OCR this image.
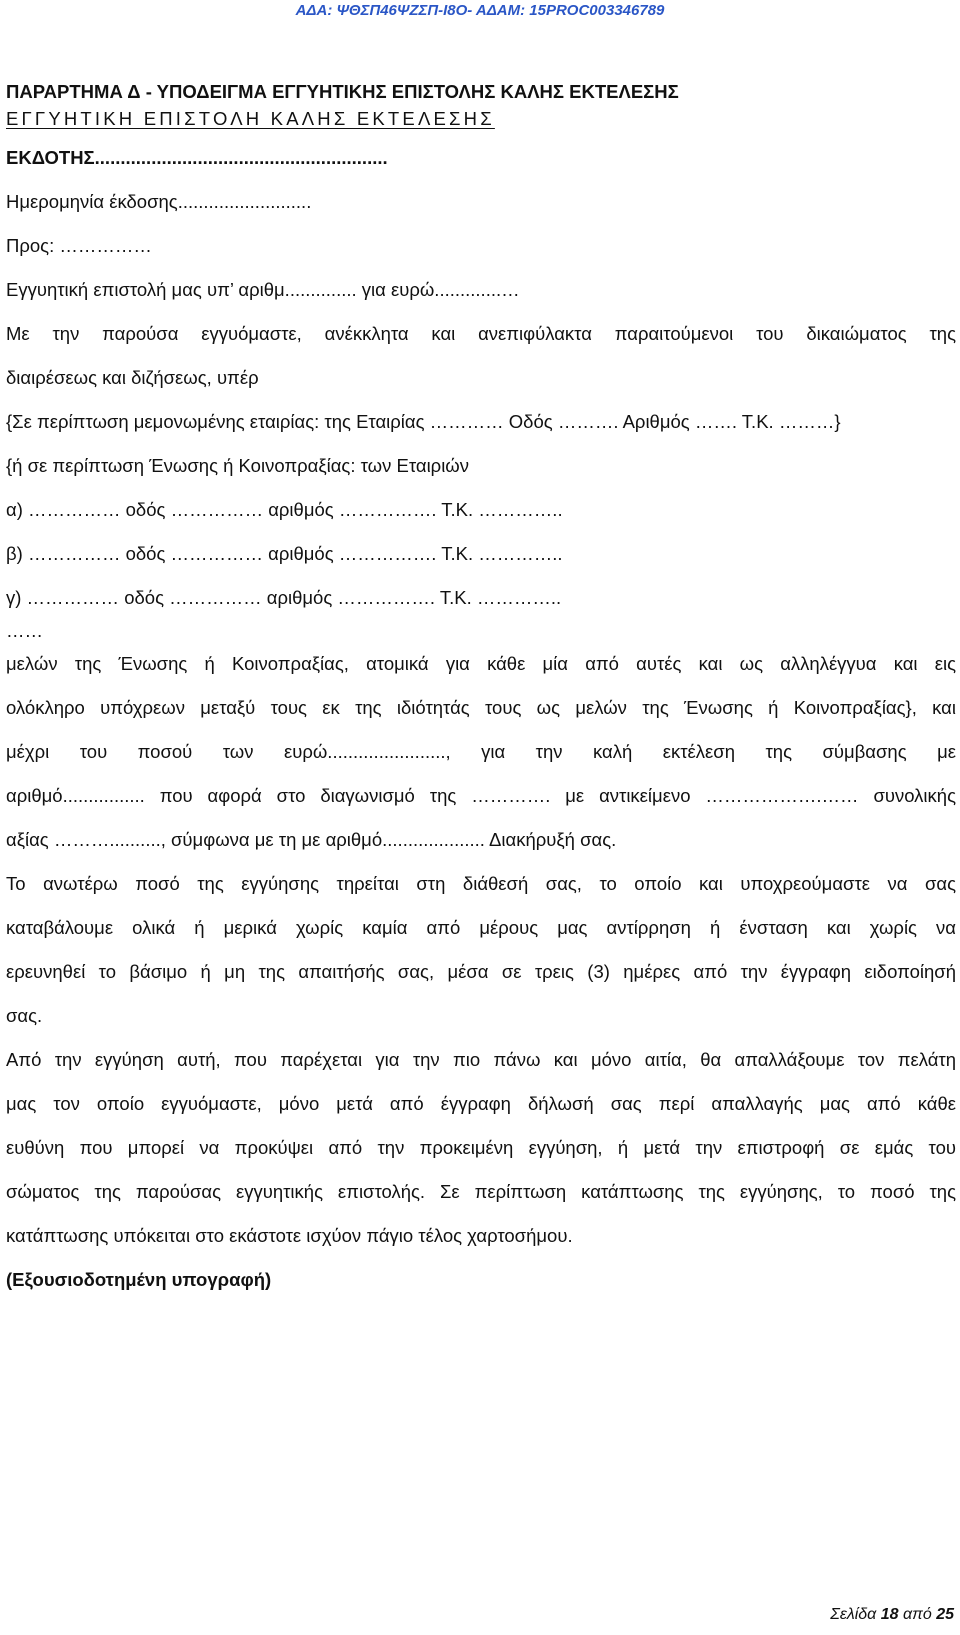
ΑΔΑ: ΨΘΣΠ46ΨΖΣΠ-Ι8Ο- ΑΔΑΜ: 15PROC003346789
ΠΑΡΑΡΤΗΜΑ Δ - ΥΠΟΔΕΙΓΜΑ ΕΓΓΥΗΤΙΚΗΣ ΕΠΙΣΤΟΛΗΣ ΚΑΛΗΣ ΕΚΤΕΛΕΣΗΣ
ΕΓΓΥΗΤΙΚΗ ΕΠΙΣΤΟΛΗ ΚΑΛΗΣ ΕΚΤΕΛΕΣΗΣ
ΕΚΔΟΤΗΣ.........................................................
Ημερομηνία έκδοσης..........................
Προς: ……………
Εγγυητική επιστολή μας υπ’ αριθμ.............. για ευρώ.............…
Με την παρούσα εγγυόμαστε, ανέκκλητα και ανεπιφύλακτα παραιτούμενοι του δικαιώματος της
διαιρέσεως και διζήσεως, υπέρ
{Σε περίπτωση μεμονωμένης εταιρίας: της Εταιρίας ………… Οδός ………. Αριθμός ……. Τ.Κ. ………}
{ή σε περίπτωση Ένωσης ή Κοινοπραξίας: των Εταιριών
α) …………… οδός …………… αριθμός ……………. Τ.Κ. …………..
β) …………… οδός …………… αριθμός ……………. Τ.Κ. …………..
γ) …………… οδός …………… αριθμός ……………. Τ.Κ. …………..
……
μελών της Ένωσης ή Κοινοπραξίας, ατομικά για κάθε μία από αυτές και ως αλληλέγγυα και εις
ολόκληρο υπόχρεων μεταξύ τους εκ της ιδιότητάς τους ως μελών της Ένωσης ή Κοινοπραξίας}, και
μέχρι του ποσού των ευρώ......................., για την καλή εκτέλεση της σύμβασης με
αριθμό................ που αφορά στο διαγωνισμό της …………. με αντικείμενο ……………….…… συνολικής
αξίας ……….........., σύμφωνα με τη με αριθμό.................... Διακήρυξή σας.
Το ανωτέρω ποσό της εγγύησης τηρείται στη διάθεσή σας, το οποίο και υποχρεούμαστε να σας
καταβάλουμε ολικά ή μερικά χωρίς καμία από μέρους μας αντίρρηση ή ένσταση και χωρίς να
ερευνηθεί το βάσιμο ή μη της απαιτήσής σας, μέσα σε τρεις (3) ημέρες από την έγγραφη ειδοποίησή
σας.
Από την εγγύηση αυτή, που παρέχεται για την πιο πάνω και μόνο αιτία, θα απαλλάξουμε τον πελάτη
μας τον οποίο εγγυόμαστε, μόνο μετά από έγγραφη δήλωσή σας περί απαλλαγής μας από κάθε
ευθύνη που μπορεί να προκύψει από την προκειμένη εγγύηση, ή μετά την επιστροφή σε εμάς του
σώματος της παρούσας εγγυητικής επιστολής. Σε περίπτωση κατάπτωσης της εγγύησης, το ποσό της
κατάπτωσης υπόκειται στο εκάστοτε ισχύον πάγιο τέλος χαρτοσήμου.
(Εξουσιοδοτημένη υπογραφή)
Σελίδα 18 από 25
